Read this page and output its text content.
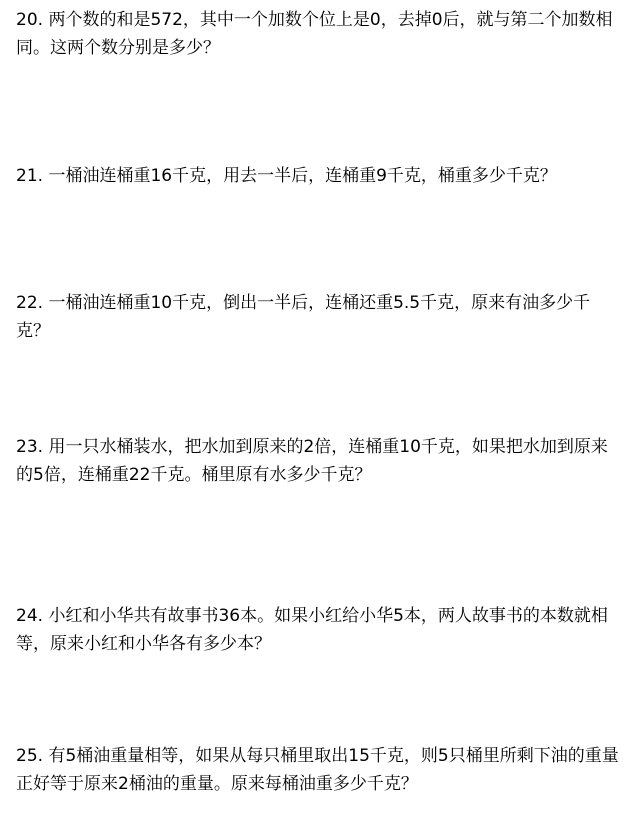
20. 两个数的和是572，其中一个加数个位上是0，去掉0后，就与第二个加数相同。这两个数分别是多少？
21. 一桶油连桶重16千克，用去一半后，连桶重9千克，桶重多少千克？
22. 一桶油连桶重10千克，倒出一半后，连桶还重5.5千克，原来有油多少千克？
23. 用一只水桶装水，把水加到原来的2倍，连桶重10千克，如果把水加到原来的5倍，连桶重22千克。桶里原有水多少千克？
24. 小红和小华共有故事书36本。如果小红给小华5本，两人故事书的本数就相等，原来小红和小华各有多少本？
25. 有5桶油重量相等，如果从每只桶里取出15千克，则5只桶里所剩下油的重量正好等于原来2桶油的重量。原来每桶油重多少千克？
